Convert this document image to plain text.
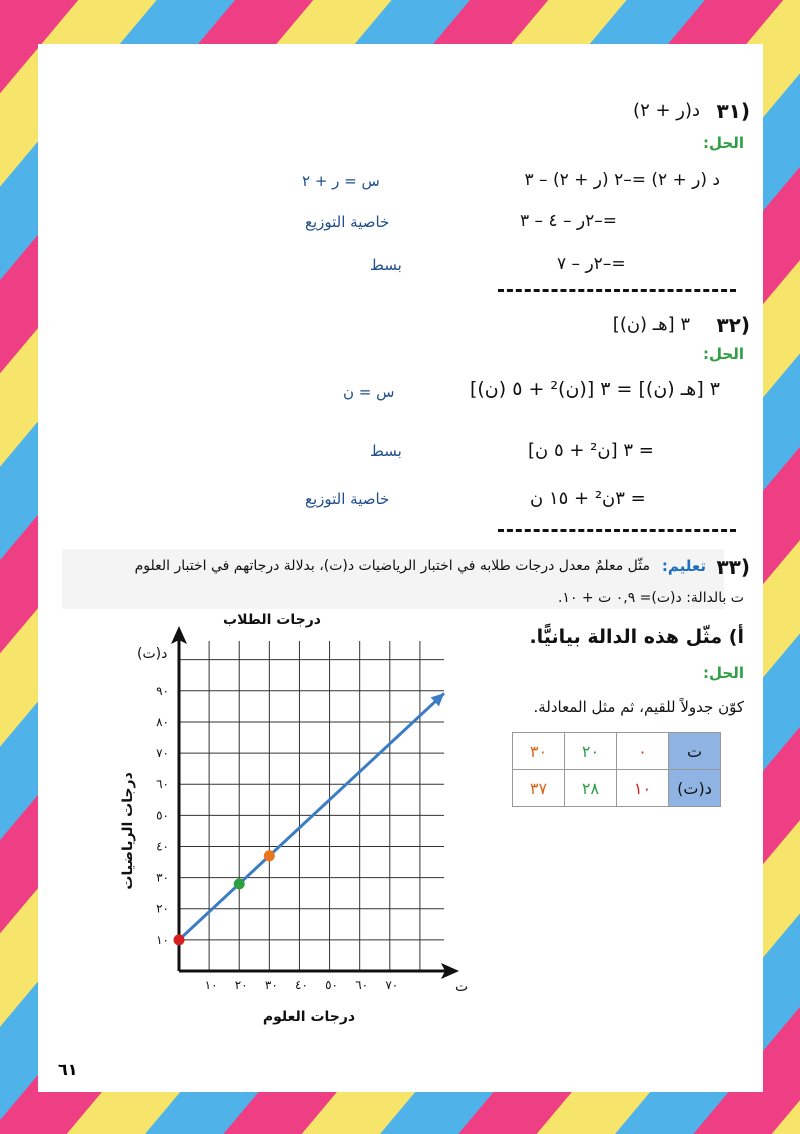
٣١)
د(ر + ٢)
الحل:
د (ر + ٢) =–٢ (ر + ٢) – ٣
س = ر + ٢
=–٢ر – ٤ – ٣
خاصية التوزيع
=–٢ر – ٧
بسط
٣٢)
٣ [هـ (ن)]
الحل:
٣ [هـ (ن)] = ٣ [(ن)² + ٥ (ن)]
س = ن
= ٣ [ن² + ٥ ن]
بسط
= ٣ن² + ١٥ ن
خاصية التوزيع
٣٣)
تعليم:
مثّل معلمٌ معدل درجات طلابه في اختبار الرياضيات د(ت)، بدلالة درجاتهم في اختبار العلوم
ت بالدالة: د(ت)= ٠,٩ ت + ١٠.
أ) مثّل هذه الدالة بيانيًّا.
الحل:
كوّن جدولاً للقيم، ثم مثل المعادلة.
٣٠	٢٠	٠	ت
٣٧	٢٨	١٠	د(ت)
درجات الطلاب
١٠ ٢٠ ٣٠ ٤٠ ٥٠ ٦٠ ٧٠
١٠
٢٠
٣٠
٤٠
٥٠
٦٠
٧٠
٨٠
٩٠
ت
د(ت)
درجات العلوم
درجات الرياضيات
٦١
